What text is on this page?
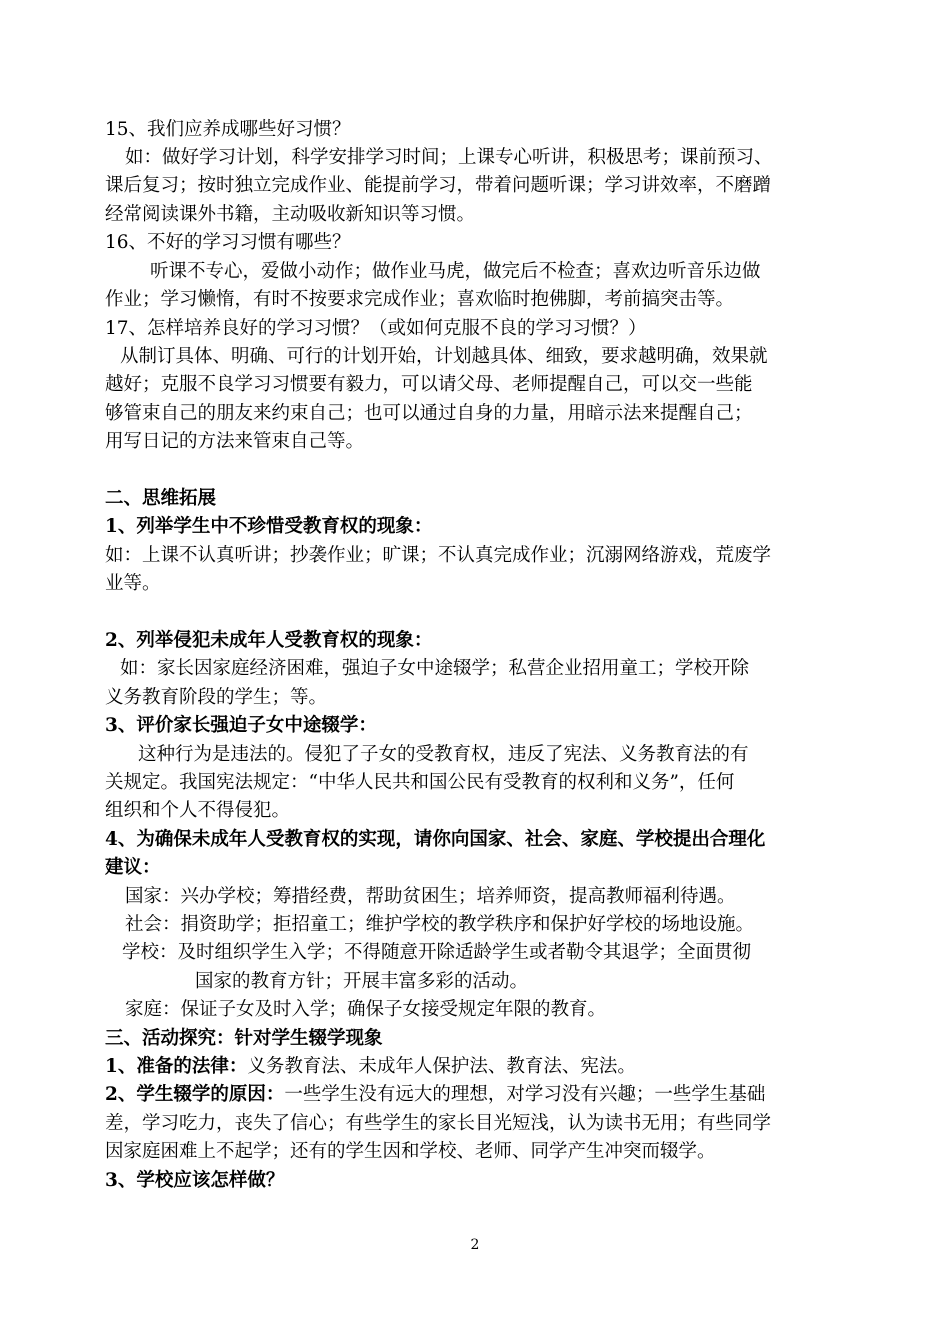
15、我们应养成哪些好习惯？
如：做好学习计划，科学安排学习时间；上课专心听讲，积极思考；课前预习、
课后复习；按时独立完成作业、能提前学习，带着问题听课；学习讲效率，不磨蹭
经常阅读课外书籍，主动吸收新知识等习惯。
16、不好的学习习惯有哪些？
听课不专心，爱做小动作；做作业马虎，做完后不检查；喜欢边听音乐边做
作业；学习懒惰，有时不按要求完成作业；喜欢临时抱佛脚，考前搞突击等。
17、怎样培养良好的学习习惯？（或如何克服不良的学习习惯？）
从制订具体、明确、可行的计划开始，计划越具体、细致，要求越明确，效果就
越好；克服不良学习习惯要有毅力，可以请父母、老师提醒自己，可以交一些能
够管束自己的朋友来约束自己；也可以通过自身的力量，用暗示法来提醒自己；
用写日记的方法来管束自己等。
二、思维拓展
1、列举学生中不珍惜受教育权的现象：
如：上课不认真听讲；抄袭作业；旷课；不认真完成作业；沉溺网络游戏，荒废学
业等。
2、列举侵犯未成年人受教育权的现象：
如：家长因家庭经济困难，强迫子女中途辍学；私营企业招用童工；学校开除
义务教育阶段的学生；等。
3、评价家长强迫子女中途辍学：
这种行为是违法的。侵犯了子女的受教育权，违反了宪法、义务教育法的有
关规定。我国宪法规定：“中华人民共和国公民有受教育的权利和义务”，任何
组织和个人不得侵犯。
4、为确保未成年人受教育权的实现，请你向国家、社会、家庭、学校提出合理化
建议：
国家：兴办学校；筹措经费，帮助贫困生；培养师资，提高教师福利待遇。
社会：捐资助学；拒招童工；维护学校的教学秩序和保护好学校的场地设施。
学校：及时组织学生入学；不得随意开除适龄学生或者勒令其退学；全面贯彻
国家的教育方针；开展丰富多彩的活动。
家庭：保证子女及时入学；确保子女接受规定年限的教育。
三、活动探究：针对学生辍学现象
1、准备的法律：义务教育法、未成年人保护法、教育法、宪法。
2、学生辍学的原因：一些学生没有远大的理想，对学习没有兴趣；一些学生基础
差，学习吃力，丧失了信心；有些学生的家长目光短浅，认为读书无用；有些同学
因家庭困难上不起学；还有的学生因和学校、老师、同学产生冲突而辍学。
3、学校应该怎样做？
2
